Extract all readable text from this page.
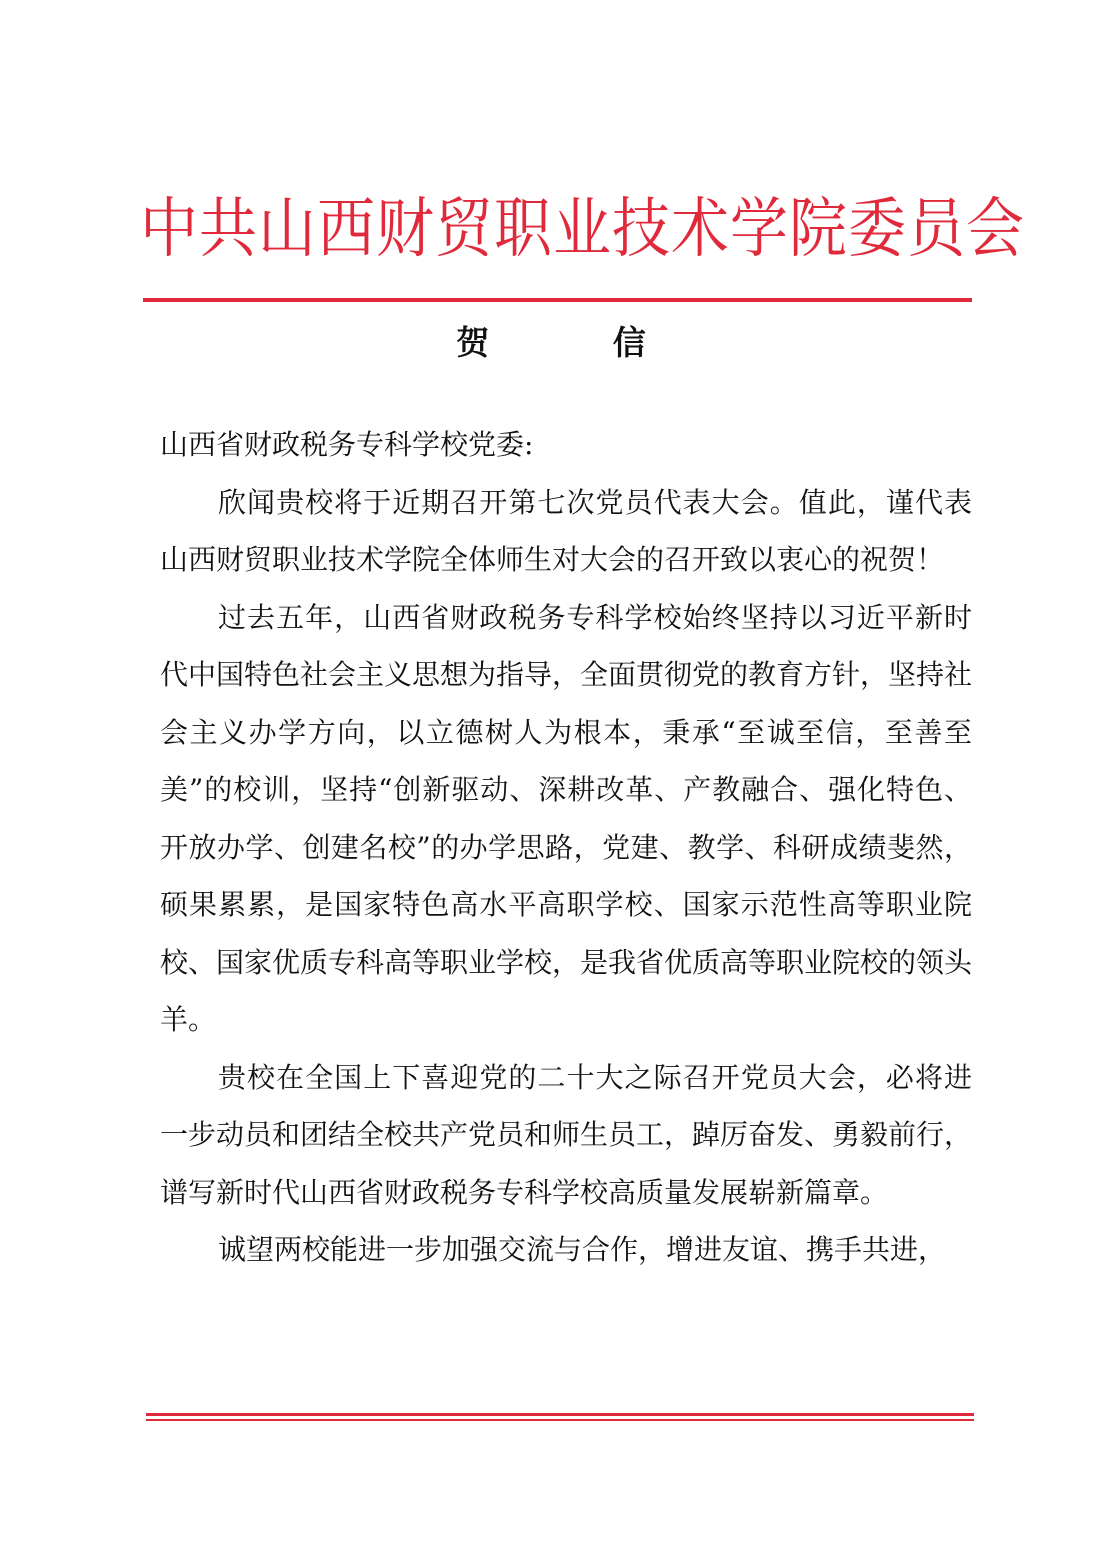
中共山西财贸职业技术学院委员会
贺 信

山西省财政税务专科学校党委:

欣闻贵校将于近期召开第七次党员代表大会。值此，谨代表山西财贸职业技术学院全体师生对大会的召开致以衷心的祝贺！

过去五年，山西省财政税务专科学校始终坚持以习近平新时代中国特色社会主义思想为指导，全面贯彻党的教育方针，坚持社会主义办学方向，以立德树人为根本，秉承“至诚至信，至善至美”的校训，坚持“创新驱动、深耕改革、产教融合、强化特色、开放办学、创建名校”的办学思路，党建、教学、科研成绩斐然，硕果累累，是国家特色高水平高职学校、国家示范性高等职业院校、国家优质专科高等职业学校，是我省优质高等职业院校的领头羊。

贵校在全国上下喜迎党的二十大之际召开党员大会，必将进一步动员和团结全校共产党员和师生员工，踔厉奋发、勇毅前行，谱写新时代山西省财政税务专科学校高质量发展崭新篇章。

诚望两校能进一步加强交流与合作，增进友谊、携手共进，
